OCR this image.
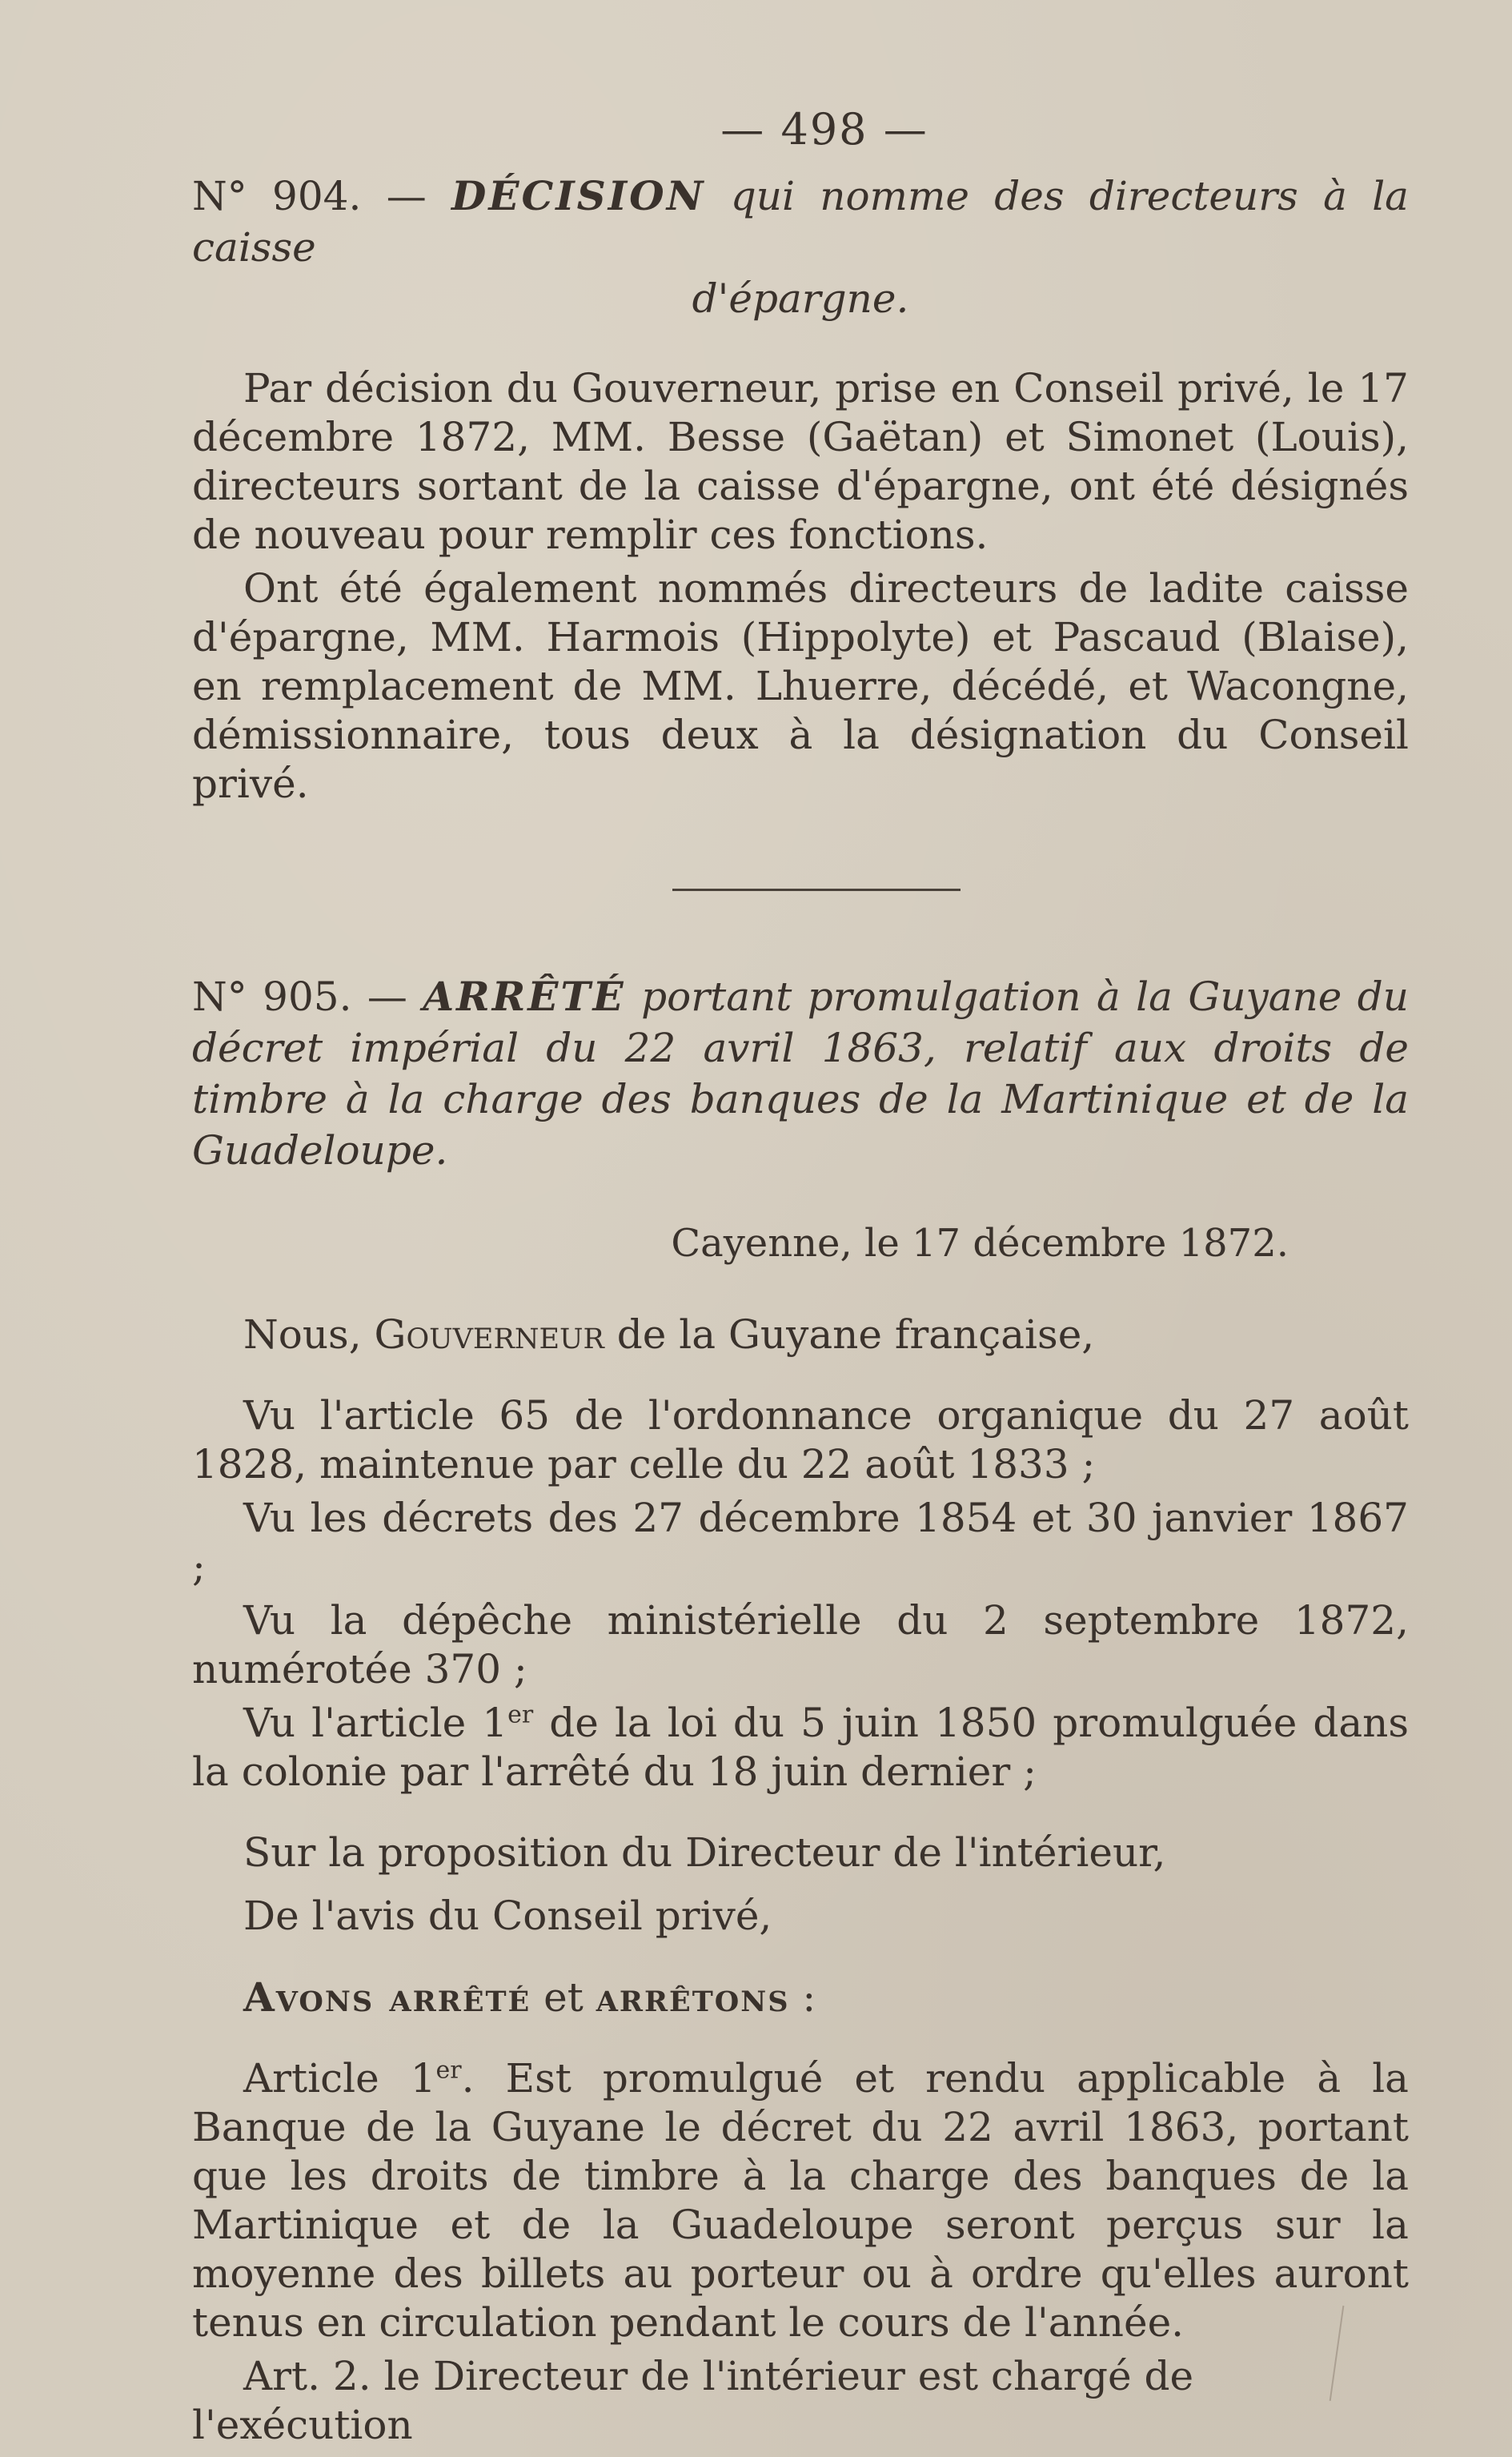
— 498 —

N° 904. — DÉCISION qui nomme des directeurs à la caisse

d'épargne.

Par décision du Gouverneur, prise en Conseil privé, le 17 décembre 1872, MM. Besse (Gaëtan) et Simonet (Louis), directeurs sortant de la caisse d'épargne, ont été désignés de nouveau pour remplir ces fonctions.

Ont été également nommés directeurs de ladite caisse d'épargne, MM. Harmois (Hippolyte) et Pascaud (Blaise), en remplacement de MM. Lhuerre, décédé, et Wacongne, démissionnaire, tous deux à la désignation du Conseil privé.

N° 905. — ARRÊTÉ portant promulgation à la Guyane du décret impérial du 22 avril 1863, relatif aux droits de timbre à la charge des banques de la Martinique et de la Guadeloupe.

Cayenne, le 17 décembre 1872.

Nous, Gouverneur de la Guyane française,

Vu l'article 65 de l'ordonnance organique du 27 août 1828, maintenue par celle du 22 août 1833 ;

Vu les décrets des 27 décembre 1854 et 30 janvier 1867 ;

Vu la dépêche ministérielle du 2 septembre 1872, numérotée 370 ;

Vu l'article 1er de la loi du 5 juin 1850 promulguée dans la colonie par l'arrêté du 18 juin dernier ;

Sur la proposition du Directeur de l'intérieur,

De l'avis du Conseil privé,

Avons arrêté et arrêtons :

Article 1er. Est promulgué et rendu applicable à la Banque de la Guyane le décret du 22 avril 1863, portant que les droits de timbre à la charge des banques de la Martinique et de la Guadeloupe seront perçus sur la moyenne des billets au porteur ou à ordre qu'elles auront tenus en circulation pendant le cours de l'année.

Art. 2. le Directeur de l'intérieur est chargé de l'exécution
